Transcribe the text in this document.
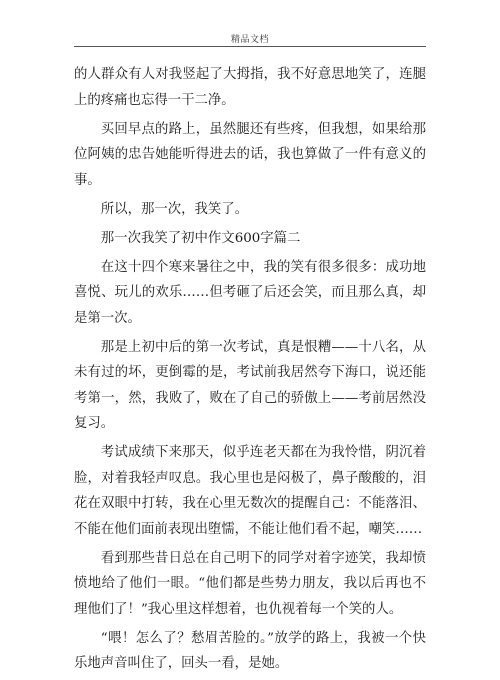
精品文档

的人群众有人对我竖起了大拇指，我不好意思地笑了，连腿上的疼痛也忘得一干二净。

买回早点的路上，虽然腿还有些疼，但我想，如果给那位阿姨的忠告她能听得进去的话，我也算做了一件有意义的事。

所以，那一次，我笑了。

那一次我笑了初中作文600字篇二

在这十四个寒来暑往之中，我的笑有很多很多：成功地喜悦、玩儿的欢乐……但考砸了后还会笑，而且那么真，却是第一次。

那是上初中后的第一次考试，真是恨糟——十八名，从未有过的坏，更倒霉的是，考试前我居然夸下海口，说还能考第一，然，我败了，败在了自己的骄傲上——考前居然没复习。

考试成绩下来那天，似乎连老天都在为我怜惜，阴沉着脸，对着我轻声叹息。我心里也是闷极了，鼻子酸酸的，泪花在双眼中打转，我在心里无数次的提醒自己：不能落泪、不能在他们面前表现出堕懦，不能让他们看不起，嘲笑……

看到那些昔日总在自己明下的同学对着字迹笑，我却愤愤地给了他们一眼。“他们都是些势力朋友，我以后再也不理他们了！”我心里这样想着，也仇视着每一个笑的人。

“喂！怎么了？愁眉苦脸的。”放学的路上，我被一个快乐地声音叫住了，回头一看，是她。
